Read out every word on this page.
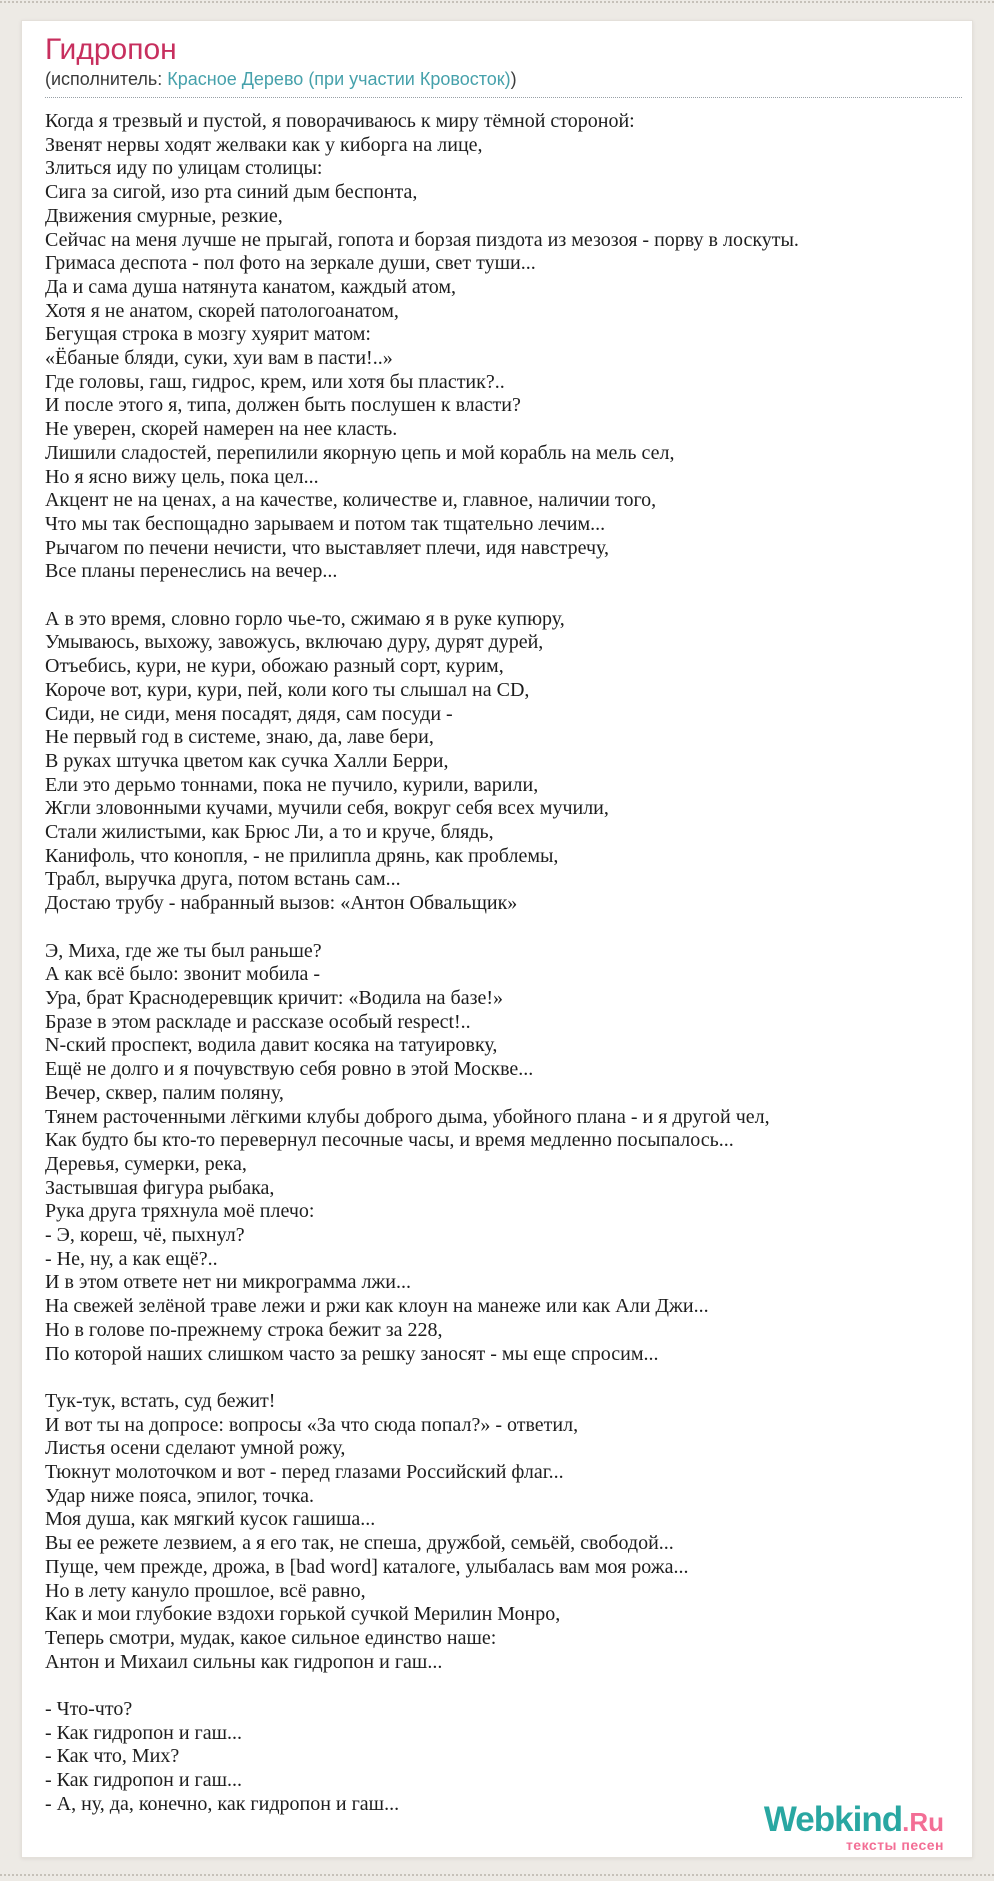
Гидропон
(исполнитель: Красное Дерево (при участии Кровосток))

Когда я трезвый и пустой, я поворачиваюсь к миру тёмной стороной:
Звенят нервы ходят желваки как у киборга на лице,
Злиться иду по улицам столицы:
Сига за сигой, изо рта синий дым беспонта,
Движения смурные, резкие,
Сейчас на меня лучше не прыгай, гопота и борзая пиздота из мезозоя - порву в лоскуты.
Гримаса деспота - пол фото на зеркале души, свет туши...
Да и сама душа натянута канатом, каждый атом,
Хотя я не анатом, скорей патологоанатом,
Бегущая строка в мозгу хуярит матом:
«Ёбаные бляди, суки, хуи вам в пасти!..»
Где головы, гаш, гидрос, крем, или хотя бы пластик?..
И после этого я, типа, должен быть послушен к власти?
Не уверен, скорей намерен на нее класть.
Лишили сладостей, перепилили якорную цепь и мой корабль на мель сел,
Но я ясно вижу цель, пока цел...
Акцент не на ценах, а на качестве, количестве и, главное, наличии того,
Что мы так беспощадно зарываем и потом так тщательно лечим...
Рычагом по печени нечисти, что выставляет плечи, идя навстречу,
Все планы перенеслись на вечер...

А в это время, словно горло чье-то, сжимаю я в руке купюру,
Умываюсь, выхожу, завожусь, включаю дуру, дурят дурей,
Отъебись, кури, не кури, обожаю разный сорт, курим,
Короче вот, кури, кури, пей, коли кого ты слышал на CD,
Сиди, не сиди, меня посадят, дядя, сам посуди -
Не первый год в системе, знаю, да, лаве бери,
В руках штучка цветом как сучка Халли Берри,
Ели это дерьмо тоннами, пока не пучило, курили, варили,
Жгли зловонными кучами, мучили себя, вокруг себя всех мучили,
Стали жилистыми, как Брюс Ли, а то и круче, блядь,
Канифоль, что конопля, - не прилипла дрянь, как проблемы,
Трабл, выручка друга, потом встань сам...
Достаю трубу - набранный вызов: «Антон Обвальщик»

Э, Миха, где же ты был раньше?
А как всё было: звонит мобила -
Ура, брат Краснодеревщик кричит: «Водила на базе!»
Бразе в этом раскладе и рассказе особый respect!..
N-ский проспект, водила давит косяка на татуировку,
Ещё не долго и я почувствую себя ровно в этой Москве...
Вечер, сквер, палим поляну,
Тянем расточенными лёгкими клубы доброго дыма, убойного плана - и я другой чел,
Как будто бы кто-то перевернул песочные часы, и время медленно посыпалось...
Деревья, сумерки, река,
Застывшая фигура рыбака,
Рука друга тряхнула моё плечо:
- Э, кореш, чё, пыхнул?
- Не, ну, а как ещё?..
И в этом ответе нет ни микрограмма лжи...
На свежей зелёной траве лежи и ржи как клоун на манеже или как Али Джи...
Но в голове по-прежнему строка бежит за 228,
По которой наших слишком часто за решку заносят - мы еще спросим...

Тук-тук, встать, суд бежит!
И вот ты на допросе: вопросы «За что сюда попал?» - ответил,
Листья осени сделают умной рожу,
Тюкнут молоточком и вот - перед глазами Российский флаг...
Удар ниже пояса, эпилог, точка.
Моя душа, как мягкий кусок гашиша...
Вы ее режете лезвием, а я его так, не спеша, дружбой, семьёй, свободой...
Пуще, чем прежде, дрожа, в [bad word] каталоге, улыбалась вам моя рожа...
Но в лету кануло прошлое, всё равно,
Как и мои глубокие вздохи горькой сучкой Мерилин Монро,
Теперь смотри, мудак, какое сильное единство наше:
Антон и Михаил сильны как гидропон и гаш...

- Что-что?
- Как гидропон и гаш...
- Как что, Мих?
- Как гидропон и гаш...
- А, ну, да, конечно, как гидропон и гаш...	Webkind.Ru
тексты песен
